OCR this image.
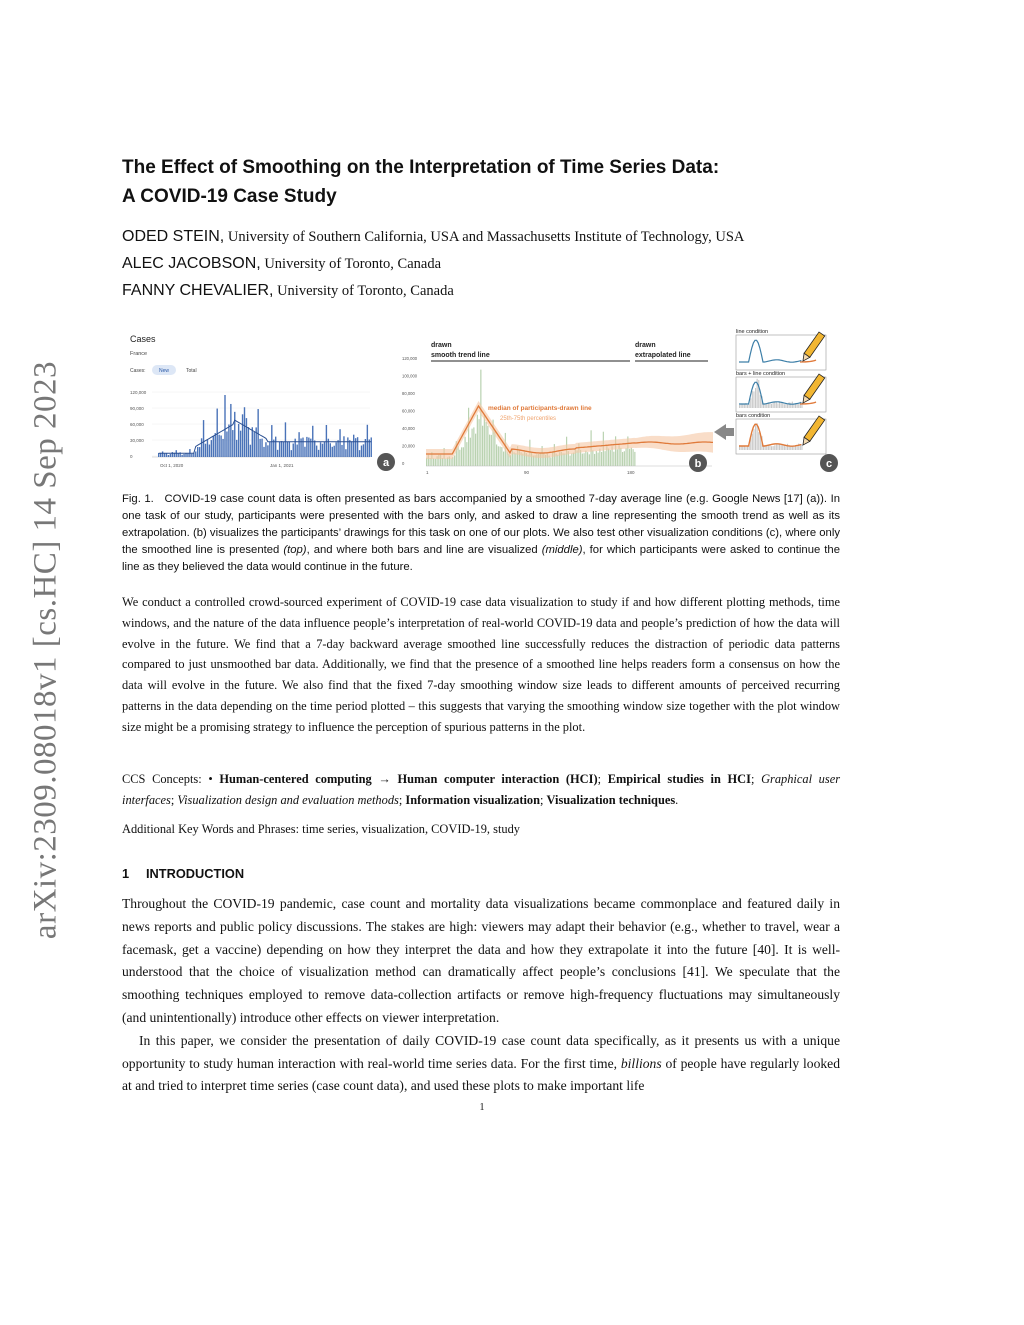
arXiv:2309.08018v1 [cs.HC] 14 Sep 2023
The Effect of Smoothing on the Interpretation of Time Series Data:
A COVID-19 Case Study
ODED STEIN, University of Southern California, USA and Massachusetts Institute of Technology, USA
ALEC JACOBSON, University of Toronto, Canada
FANNY CHEVALIER, University of Toronto, Canada
Cases
France
Cases:	New	Total
120,000
90,000
60,000
30,000
0
Oct 1, 2020	Jan 1, 2021	a
drawn
smooth trend line
drawn
extrapolated line
120,000
100,000
80,000
60,000
40,000
20,000
0
median of participants-drawn line
25th-75th percentiles
1	90	180
b
line condition
bars + line condition
bars condition
c
Fig. 1. COVID-19 case count data is often presented as bars accompanied by a smoothed 7-day average line (e.g. Google News [17] (a)). In one task of our study, participants were presented with the bars only, and asked to draw a line representing the smooth trend as well as its extrapolation. (b) visualizes the participants’ drawings for this task on one of our plots. We also test other visualization conditions (c), where only the smoothed line is presented (top), and where both bars and line are visualized (middle), for which participants were asked to continue the line as they believed the data would continue in the future.
We conduct a controlled crowd-sourced experiment of COVID-19 case data visualization to study if and how different plotting methods, time windows, and the nature of the data influence people’s interpretation of real-world COVID-19 data and people’s prediction of how the data will evolve in the future. We find that a 7-day backward average smoothed line successfully reduces the distraction of periodic data patterns compared to just unsmoothed bar data. Additionally, we find that the presence of a smoothed line helps readers form a consensus on how the data will evolve in the future. We also find that the fixed 7-day smoothing window size leads to different amounts of perceived recurring patterns in the data depending on the time period plotted – this suggests that varying the smoothing window size together with the plot window size might be a promising strategy to influence the perception of spurious patterns in the plot.
CCS Concepts: • Human-centered computing → Human computer interaction (HCI); Empirical studies in HCI; Graphical user interfaces; Visualization design and evaluation methods; Information visualization; Visualization techniques.
Additional Key Words and Phrases: time series, visualization, COVID-19, study
1 INTRODUCTION

Throughout the COVID-19 pandemic, case count and mortality data visualizations became commonplace and featured daily in news reports and public policy discussions. The stakes are high: viewers may adapt their behavior (e.g., whether to travel, wear a facemask, get a vaccine) depending on how they interpret the data and how they extrapolate it into the future [40]. It is well-understood that the choice of visualization method can dramatically affect people’s conclusions [41]. We speculate that the smoothing techniques employed to remove data-collection artifacts or remove high-frequency fluctuations may simultaneously (and unintentionally) introduce other effects on viewer interpretation.

In this paper, we consider the presentation of daily COVID-19 case count data specifically, as it presents us with a unique opportunity to study human interaction with real-world time series data. For the first time, billions of people have regularly looked at and tried to interpret time series (case count data), and used these plots to make important life

1
